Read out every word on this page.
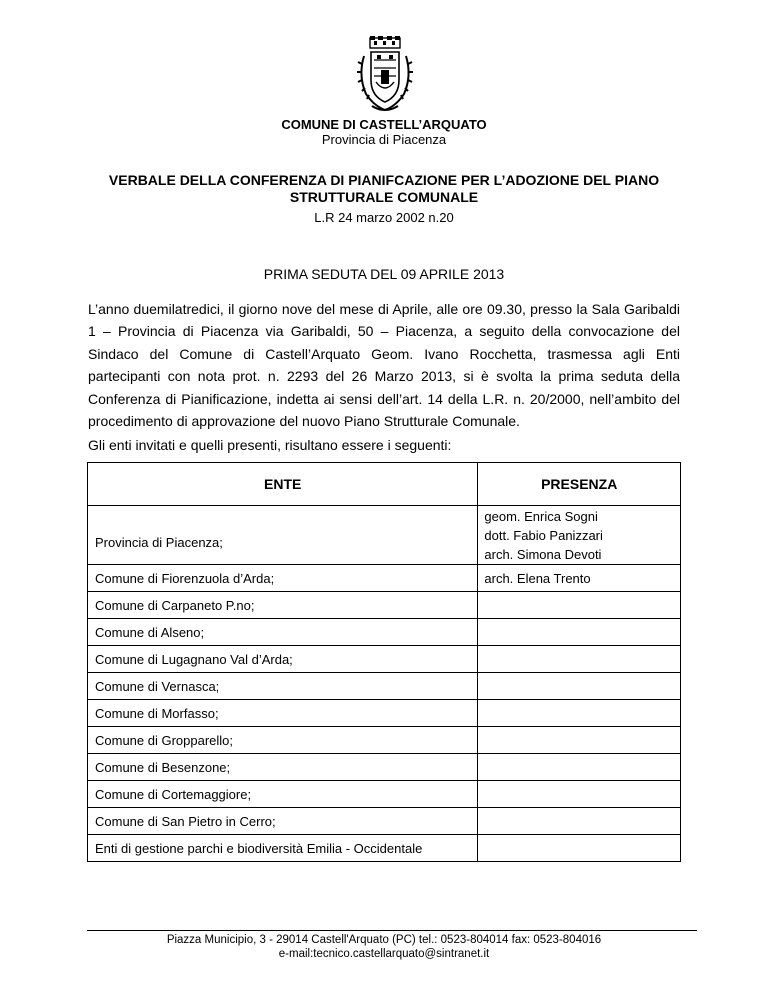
COMUNE DI CASTELL’ARQUATO
Provincia di Piacenza
VERBALE DELLA CONFERENZA DI PIANIFCAZIONE PER L’ADOZIONE DEL PIANO
STRUTTURALE COMUNALE
L.R 24 marzo 2002 n.20
PRIMA SEDUTA DEL 09 APRILE 2013
L’anno duemilatredici, il giorno nove del mese di Aprile, alle ore 09.30, presso la Sala Garibaldi 1 – Provincia di Piacenza via Garibaldi, 50 – Piacenza, a seguito della convocazione del Sindaco del Comune di Castell’Arquato Geom. Ivano Rocchetta, trasmessa agli Enti partecipanti con nota prot. n. 2293 del 26 Marzo 2013, si è svolta la prima seduta della Conferenza di Pianificazione, indetta ai sensi dell’art. 14 della L.R. n. 20/2000, nell’ambito del procedimento di approvazione del nuovo Piano Strutturale Comunale.
Gli enti invitati e quelli presenti, risultano essere i seguenti:
ENTE	PRESENZA
Provincia di Piacenza;	geom. Enrica Sogni
dott. Fabio Panizzari
arch. Simona Devoti

Comune di Fiorenzuola d’Arda;	arch. Elena Trento

Comune di Carpaneto P.no;	
Comune di Alseno;	
Comune di Lugagnano Val d’Arda;	
Comune di Vernasca;	
Comune di Morfasso;	
Comune di Gropparello;	
Comune di Besenzone;	
Comune di Cortemaggiore;	
Comune di San Pietro in Cerro;	
Enti di gestione parchi e biodiversità Emilia - Occidentale	
Piazza Municipio, 3 - 29014 Castell'Arquato (PC) tel.: 0523-804014 fax: 0523-804016
e-mail:tecnico.castellarquato@sintranet.it
